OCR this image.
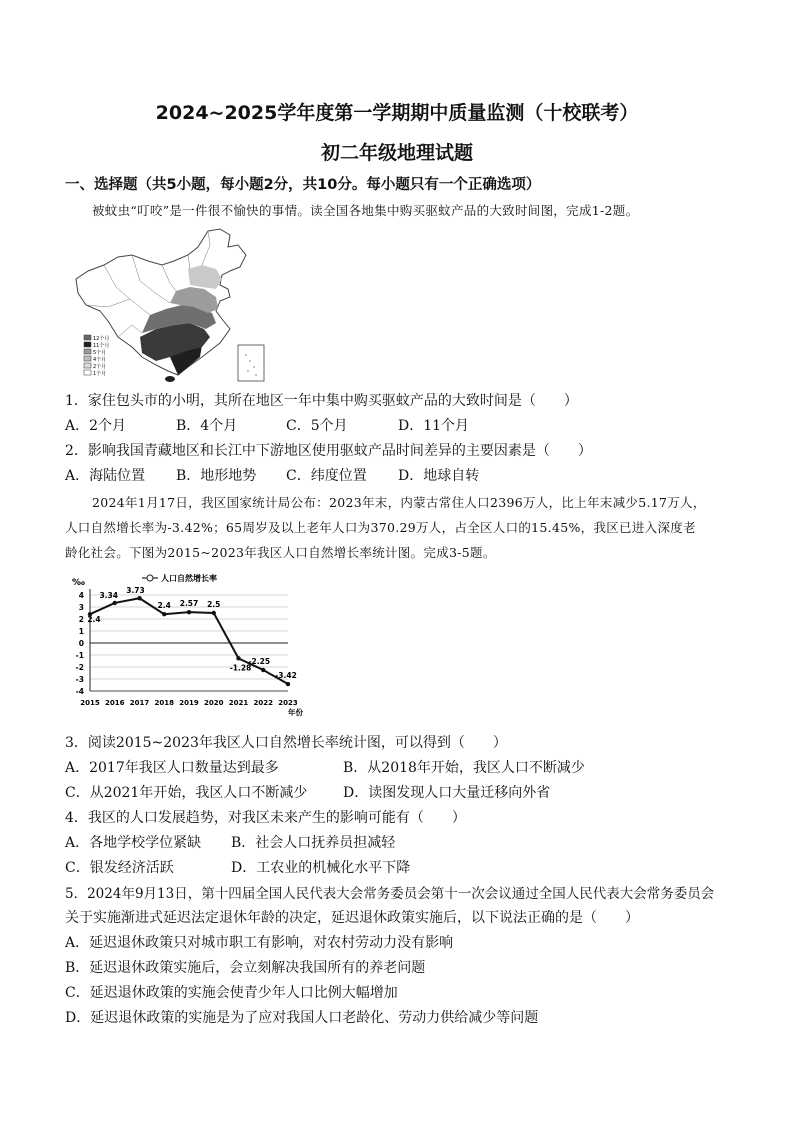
2024~2025学年度第一学期期中质量监测（十校联考）
初二年级地理试题
一、选择题（共5小题，每小题2分，共10分。每小题只有一个正确选项）
被蚊虫“叮咬”是一件很不愉快的事情。读全国各地集中购买驱蚊产品的大致时间图，完成1-2题。
12个月
11个月
5个月
4个月
2个月
1个月
1．家住包头市的小明，其所在地区一年中集中购买驱蚊产品的大致时间是（　　）
A．2个月	B．4个月	C．5个月	D．11个月
2．影响我国青藏地区和长江中下游地区使用驱蚊产品时间差异的主要因素是（　　）
A．海陆位置 B．地形地势 C．纬度位置 D．地球自转
2024年1月17日，我区国家统计局公布：2023年末，内蒙古常住人口2396万人，比上年末减少5.17万人，
人口自然增长率为-3.42%；65周岁及以上老年人口为370.29万人，占全区人口的15.45%，我区已进入深度老
龄化社会。下图为2015~2023年我区人口自然增长率统计图。完成3-5题。
‰	人口自然增长率
4
3
2
1
0
-1
-2
-3
-4
2015 2016 2017 2018 2019 2020 2021 2022 2023
2.4
3.34
3.73
2.4 2.57 2.5
-1.28
-2.25
-3.42
年份
3．阅读2015~2023年我区人口自然增长率统计图，可以得到（　　）
A．2017年我区人口数量达到最多	B．从2018年开始，我区人口不断减少
C．从2021年开始，我区人口不断减少	D．读图发现人口大量迁移向外省
4．我区的人口发展趋势，对我区未来产生的影响可能有（　　）
A．各地学校学位紧缺 B．社会人口抚养员担减轻
C．银发经济活跃	D．工农业的机械化水平下降
5．2024年9月13日，第十四届全国人民代表大会常务委员会第十一次会议通过全国人民代表大会常务委员会
关于实施渐进式延迟法定退休年龄的决定，延迟退休政策实施后，以下说法正确的是（　　）
A．延迟退休政策只对城市职工有影响，对农村劳动力没有影响
B．延迟退休政策实施后，会立刻解决我国所有的养老问题
C．延迟退休政策的实施会使青少年人口比例大幅增加
D．延迟退休政策的实施是为了应对我国人口老龄化、劳动力供给减少等问题
